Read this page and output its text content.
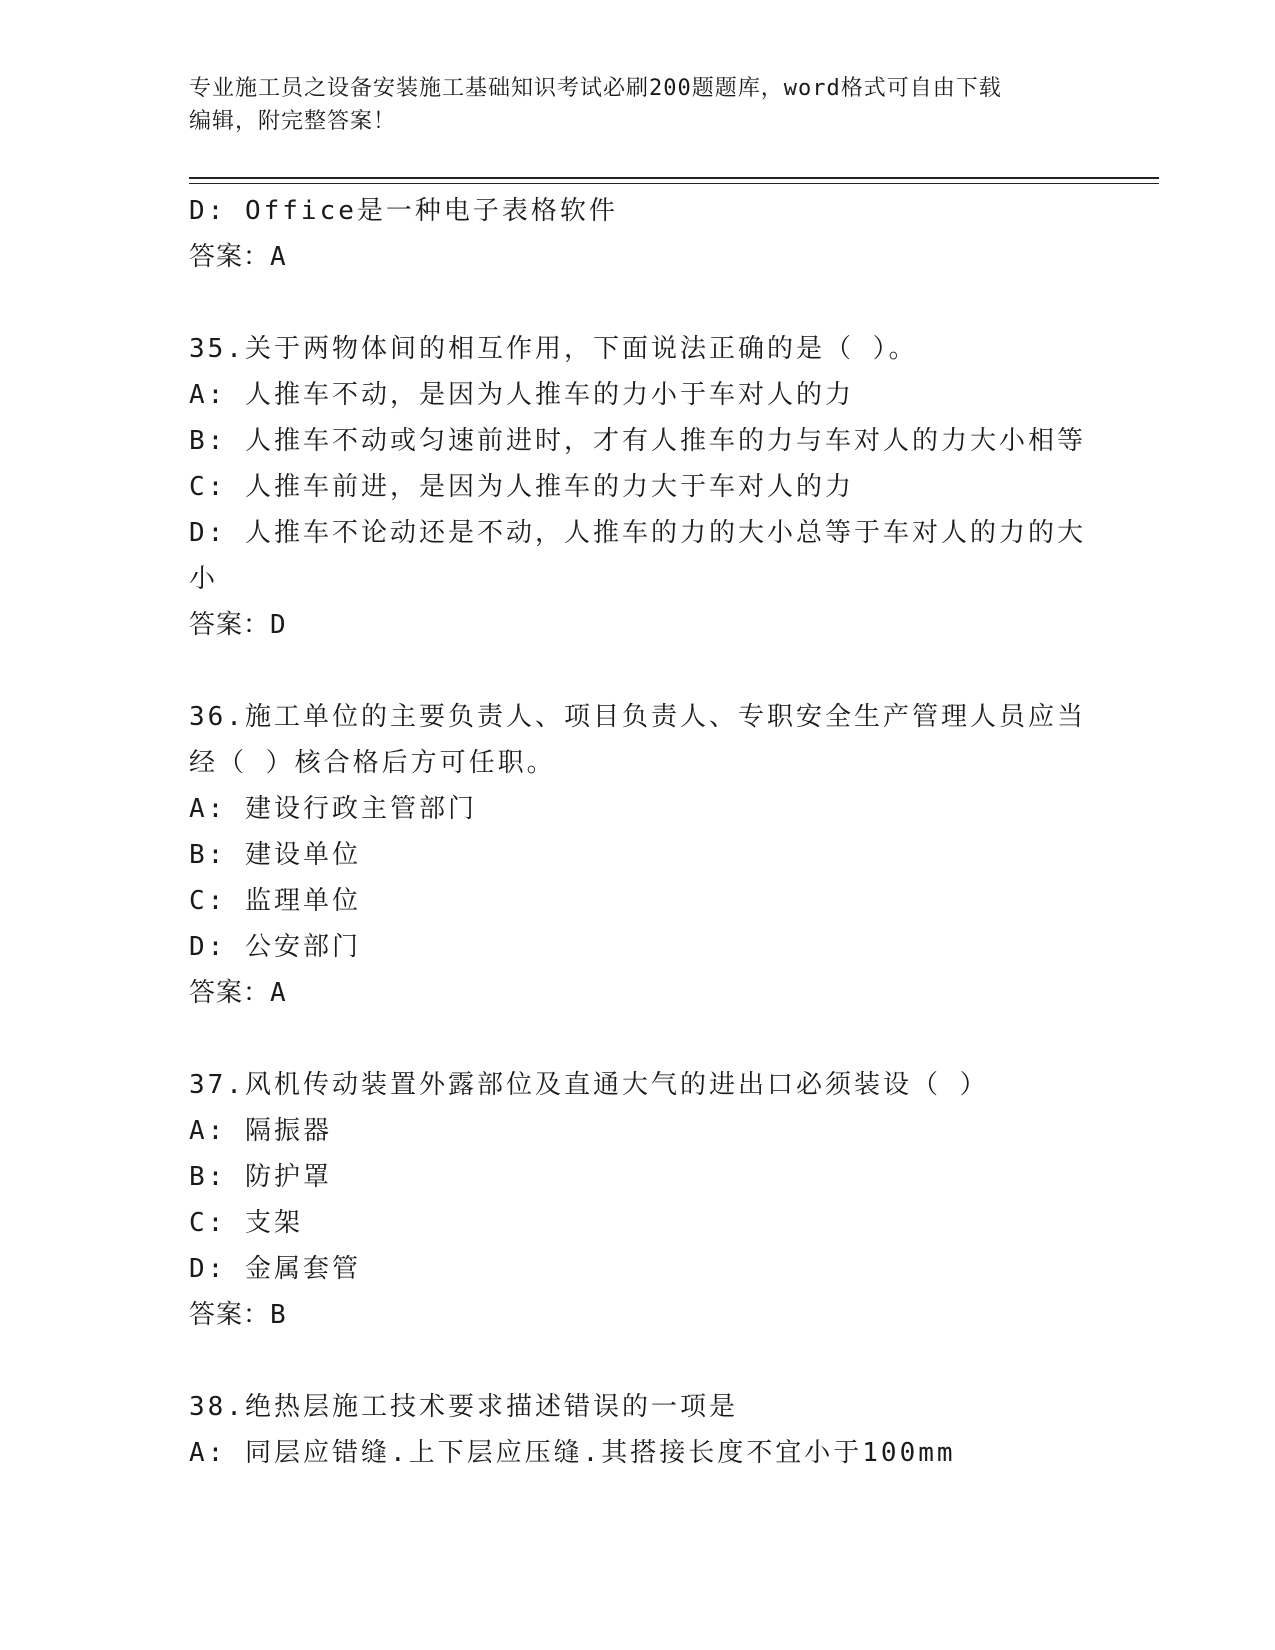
专业施工员之设备安装施工基础知识考试必刷200题题库，word格式可自由下载
编辑，附完整答案！
D: Office是一种电子表格软件
答案：A
35.关于两物体间的相互作用，下面说法正确的是（ ）。
A: 人推车不动，是因为人推车的力小于车对人的力
B: 人推车不动或匀速前进时，才有人推车的力与车对人的力大小相等
C: 人推车前进，是因为人推车的力大于车对人的力
D: 人推车不论动还是不动，人推车的力的大小总等于车对人的力的大
小
答案：D
36.施工单位的主要负责人、项目负责人、专职安全生产管理人员应当
经（ ）核合格后方可任职。
A: 建设行政主管部门
B: 建设单位
C: 监理单位
D: 公安部门
答案：A
37.风机传动装置外露部位及直通大气的进出口必须装设（ ）
A: 隔振器
B: 防护罩
C: 支架
D: 金属套管
答案：B
38.绝热层施工技术要求描述错误的一项是
A: 同层应错缝.上下层应压缝.其搭接长度不宜小于100mm
